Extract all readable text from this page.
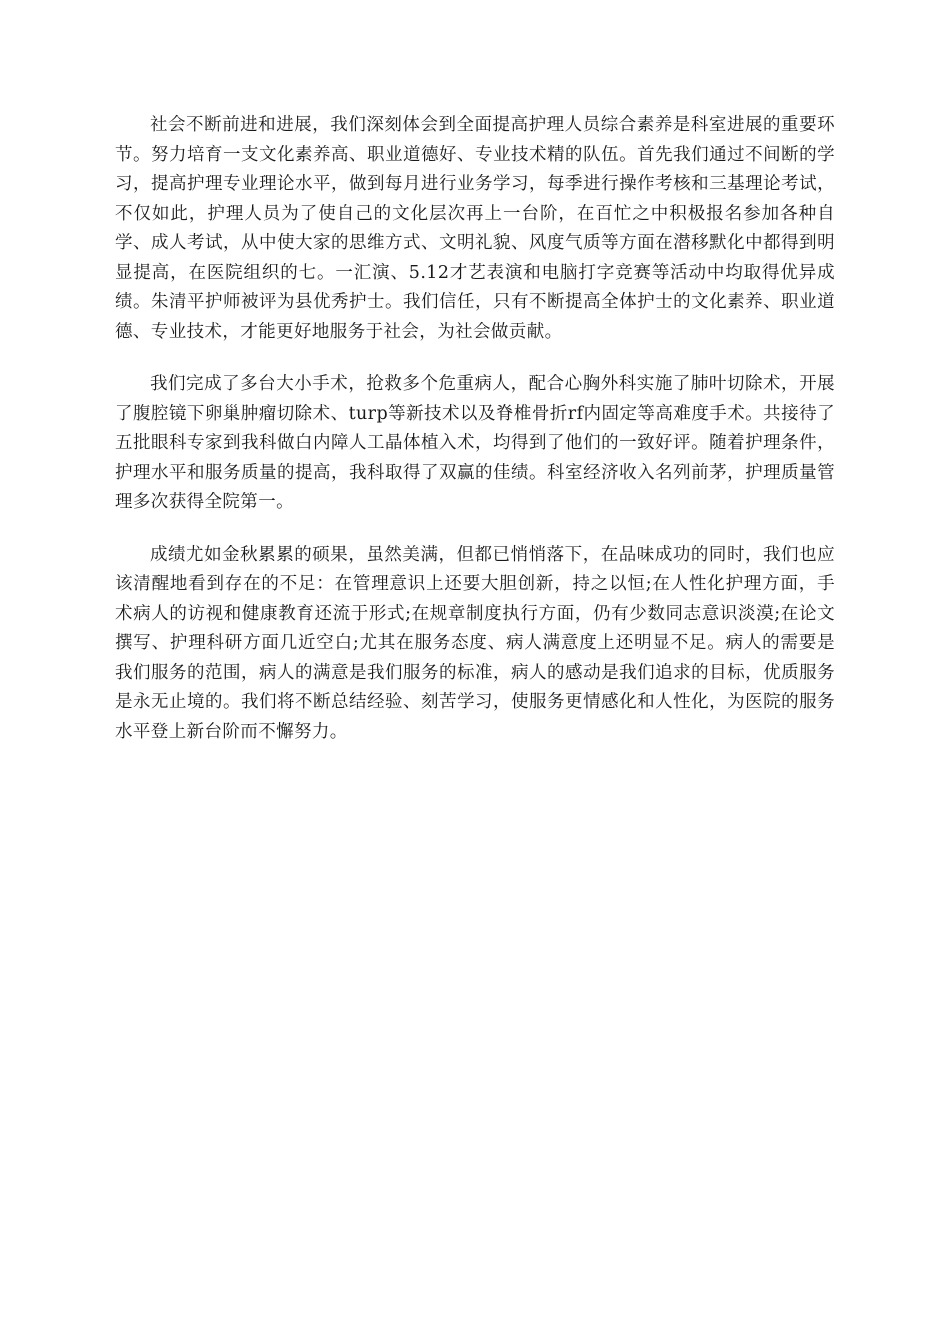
社会不断前进和进展，我们深刻体会到全面提高护理人员综合素养是科室进展的重要环节。努力培育一支文化素养高、职业道德好、专业技术精的队伍。首先我们通过不间断的学习，提高护理专业理论水平，做到每月进行业务学习，每季进行操作考核和三基理论考试，不仅如此，护理人员为了使自己的文化层次再上一台阶，在百忙之中积极报名参加各种自学、成人考试，从中使大家的思维方式、文明礼貌、风度气质等方面在潜移默化中都得到明显提高，在医院组织的七。一汇演、5.12才艺表演和电脑打字竞赛等活动中均取得优异成绩。朱清平护师被评为县优秀护士。我们信任，只有不断提高全体护士的文化素养、职业道德、专业技术，才能更好地服务于社会，为社会做贡献。

我们完成了多台大小手术，抢救多个危重病人，配合心胸外科实施了肺叶切除术，开展了腹腔镜下卵巢肿瘤切除术、turp等新技术以及脊椎骨折rf内固定等高难度手术。共接待了五批眼科专家到我科做白内障人工晶体植入术，均得到了他们的一致好评。随着护理条件，护理水平和服务质量的提高，我科取得了双赢的佳绩。科室经济收入名列前茅，护理质量管理多次获得全院第一。

成绩尤如金秋累累的硕果，虽然美满，但都已悄悄落下，在品味成功的同时，我们也应该清醒地看到存在的不足：在管理意识上还要大胆创新，持之以恒;在人性化护理方面，手术病人的访视和健康教育还流于形式;在规章制度执行方面，仍有少数同志意识淡漠;在论文撰写、护理科研方面几近空白;尤其在服务态度、病人满意度上还明显不足。病人的需要是我们服务的范围，病人的满意是我们服务的标准，病人的感动是我们追求的目标，优质服务是永无止境的。我们将不断总结经验、刻苦学习，使服务更情感化和人性化，为医院的服务水平登上新台阶而不懈努力。
